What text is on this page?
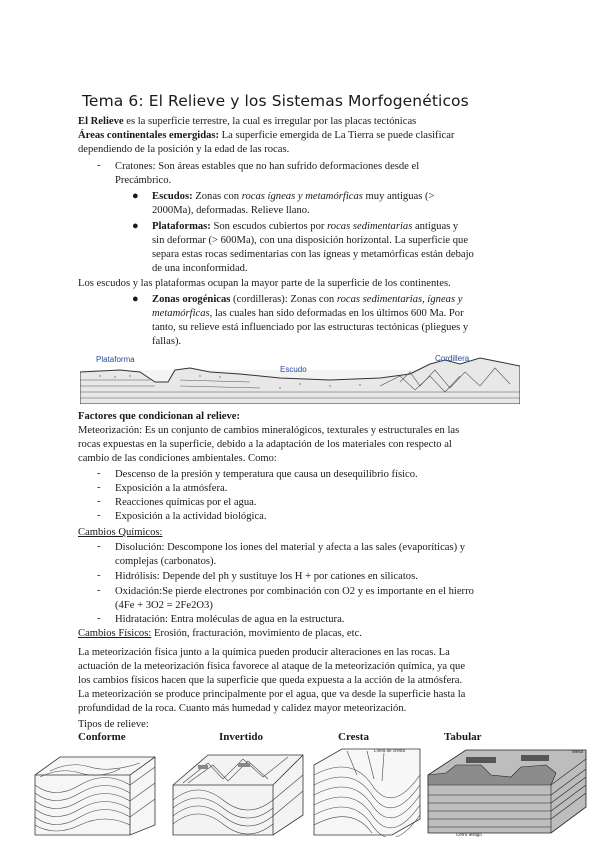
Tema 6: El Relieve y los Sistemas Morfogenéticos
El Relieve es la superficie terrestre, la cual es irregular por las placas tectónicas
Áreas continentales emergidas: La superficie emergida de La Tierra se puede clasificar
dependiendo de la posición y la edad de las rocas.
- Cratones: Son áreas estables que no han sufrido deformaciones desde el
Precámbrico.
● Escudos: Zonas con rocas ígneas y metamórficas muy antiguas (>
2000Ma), deformadas. Relieve llano.
● Plataformas: Son escudos cubiertos por rocas sedimentarias antiguas y
sin deformar (> 600Ma), con una disposición horizontal. La superficie que
separa estas rocas sedimentarias con las ígneas y metamórficas están debajo
de una inconformidad.
Los escudos y las plataformas ocupan la mayor parte de la superficie de los continentes.
● Zonas orogénicas (cordilleras): Zonas con rocas sedimentarias, ígneas y
metamórficas, las cuales han sido deformadas en los últimos 600 Ma. Por
tanto, su relieve está influenciado por las estructuras tectónicas (pliegues y
fallas).
Plataforma
Escudo
Cordillera
Factores que condicionan al relieve:
Meteorización: Es un conjunto de cambios mineralógicos, texturales y estructurales en las
rocas expuestas en la superficie, debido a la adaptación de los materiales con respecto al
cambio de las condiciones ambientales. Como:
- Descenso de la presión y temperatura que causa un desequilibrio físico.
- Exposición a la atmósfera.
- Reacciones químicas por el agua.
- Exposición a la actividad biológica.
Cambios Químicos:
- Disolución: Descompone los iones del material y afecta a las sales (evaporíticas) y
complejas (carbonatos).
- Hidrólisis: Depende del ph y sustituye los H + por cationes en silicatos.
- Oxidación:Se pierde electrones por combinación con O2 y es importante en el hierro
(4Fe + 3O2 = 2Fe2O3)
- Hidratación: Entra moléculas de agua en la estructura.
Cambios Físicos: Erosión, fracturación, movimiento de placas, etc.
La meteorización física junto a la química pueden producir alteraciones en las rocas. La
actuación de la meteorización física favorece al ataque de la meteorización química, ya que
los cambios físicos hacen que la superficie que queda expuesta a la acción de la atmósfera.
La meteorización se produce principalmente por el agua, que va desde la superficie hasta la
profundidad de la roca. Cuanto más humedad y calidez mayor meteorización.
Tipos de relieve:
Conforme	Invertido	Cresta	Tabular
Línea de cresta	Mesa
Cerro testigo
